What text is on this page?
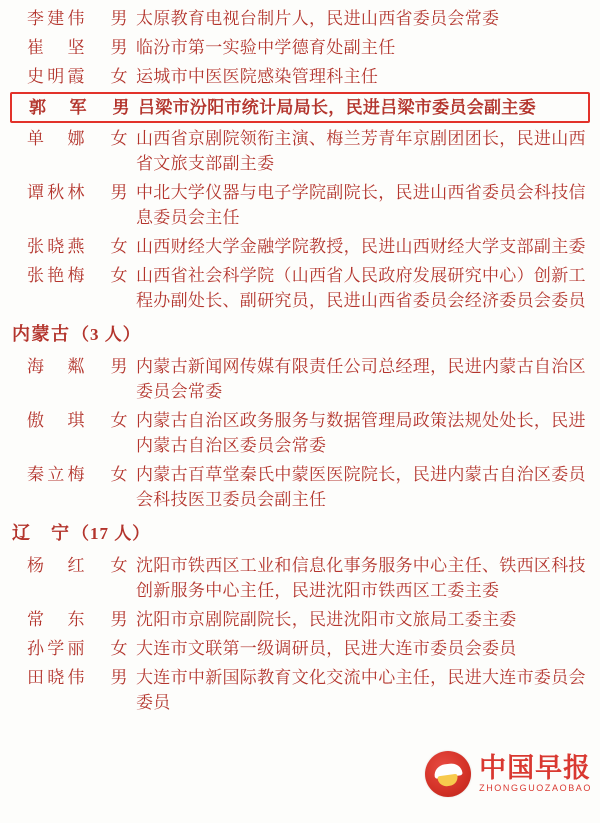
李建伟	男 太原教育电视台制片人，民进山西省委员会常委
崔坚	男 临汾市第一实验中学德育处副主任
史明霞	女 运城市中医医院感染管理科主任
郭军	男 吕梁市汾阳市统计局局长，民进吕梁市委员会副主委
单娜	女 山西省京剧院领衔主演、梅兰芳青年京剧团团长，民进山西省文旅支部副主委
谭秋林	男 中北大学仪器与电子学院副院长，民进山西省委员会科技信息委员会主任
张晓燕	女 山西财经大学金融学院教授，民进山西财经大学支部副主委
张艳梅	女 山西省社会科学院（山西省人民政府发展研究中心）创新工程办副处长、副研究员，民进山西省委员会经济委员会委员
内蒙古 （3 人）
海粼	男 内蒙古新闻网传媒有限责任公司总经理，民进内蒙古自治区委员会常委
傲琪	女 内蒙古自治区政务服务与数据管理局政策法规处处长，民进内蒙古自治区委员会常委
秦立梅	女 内蒙古百草堂秦氏中蒙医医院院长，民进内蒙古自治区委员会科技医卫委员会副主任
辽宁 （17 人）
杨红	女 沈阳市铁西区工业和信息化事务服务中心主任、铁西区科技创新服务中心主任，民进沈阳市铁西区工委主委
常东	男 沈阳市京剧院副院长，民进沈阳市文旅局工委主委
孙学丽	女 大连市文联第一级调研员，民进大连市委员会委员
田晓伟	男 大连市中新国际教育文化交流中心主任，民进大连市委员会委员
中国早报
ZHONGGUOZAOBAO
